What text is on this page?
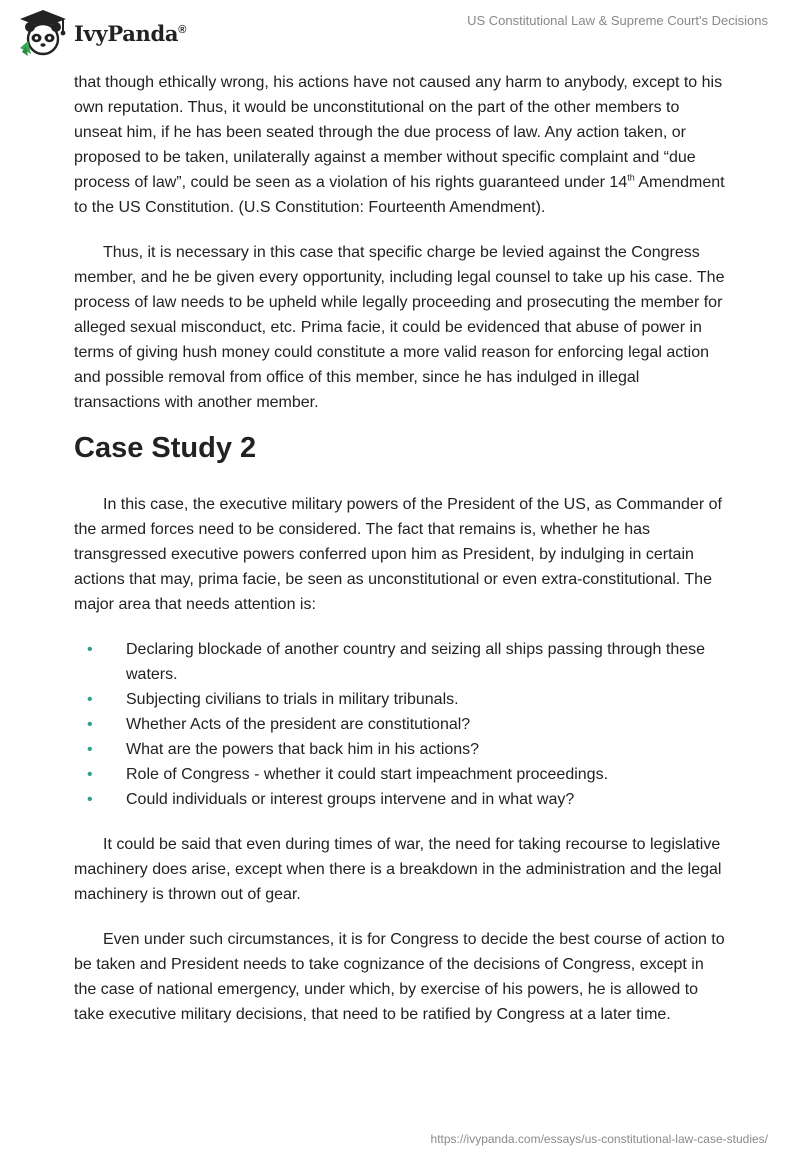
IvyPanda®
US Constitutional Law & Supreme Court's Decisions

that though ethically wrong, his actions have not caused any harm to anybody, except to his own reputation. Thus, it would be unconstitutional on the part of the other members to unseat him, if he has been seated through the due process of law. Any action taken, or proposed to be taken, unilaterally against a member without specific complaint and “due process of law”, could be seen as a violation of his rights guaranteed under 14th Amendment to the US Constitution. (U.S Constitution: Fourteenth Amendment).

Thus, it is necessary in this case that specific charge be levied against the Congress member, and he be given every opportunity, including legal counsel to take up his case. The process of law needs to be upheld while legally proceeding and prosecuting the member for alleged sexual misconduct, etc. Prima facie, it could be evidenced that abuse of power in terms of giving hush money could constitute a more valid reason for enforcing legal action and possible removal from office of this member, since he has indulged in illegal transactions with another member.

Case Study 2

In this case, the executive military powers of the President of the US, as Commander of the armed forces need to be considered. The fact that remains is, whether he has transgressed executive powers conferred upon him as President, by indulging in certain actions that may, prima facie, be seen as unconstitutional or even extra-constitutional. The major area that needs attention is:

• Declaring blockade of another country and seizing all ships passing through these waters.
• Subjecting civilians to trials in military tribunals.
• Whether Acts of the president are constitutional?
• What are the powers that back him in his actions?
• Role of Congress - whether it could start impeachment proceedings.
• Could individuals or interest groups intervene and in what way?

It could be said that even during times of war, the need for taking recourse to legislative machinery does arise, except when there is a breakdown in the administration and the legal machinery is thrown out of gear.

Even under such circumstances, it is for Congress to decide the best course of action to be taken and President needs to take cognizance of the decisions of Congress, except in the case of national emergency, under which, by exercise of his powers, he is allowed to take executive military decisions, that need to be ratified by Congress at a later time.

https://ivypanda.com/essays/us-constitutional-law-case-studies/
